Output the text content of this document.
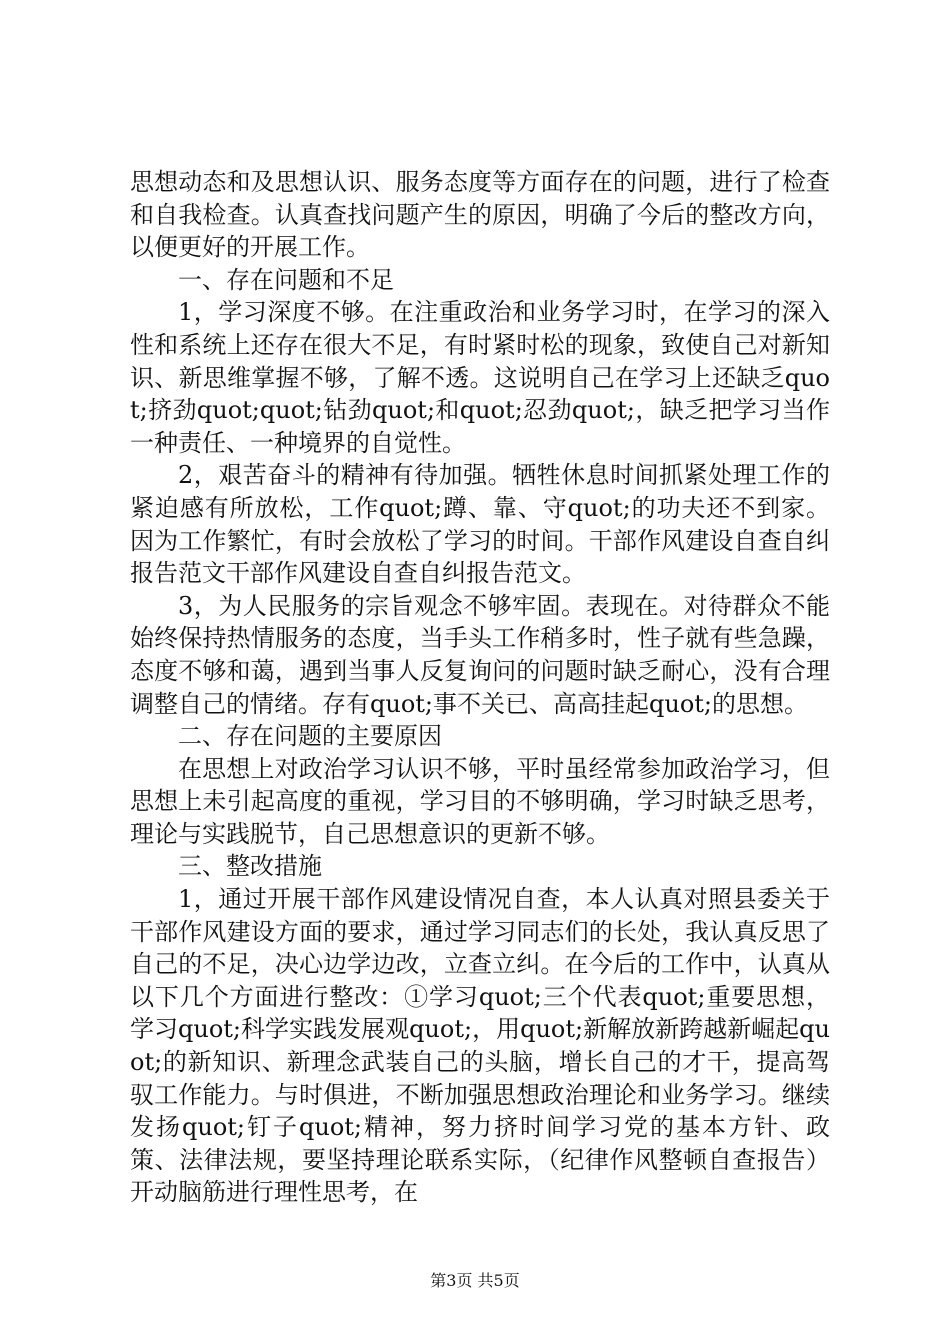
思想动态和及思想认识、服务态度等方面存在的问题，进行了检查和自我检查。认真查找问题产生的原因，明确了今后的整改方向，以便更好的开展工作。

一、存在问题和不足

1，学习深度不够。在注重政治和业务学习时，在学习的深入性和系统上还存在很大不足，有时紧时松的现象，致使自己对新知识、新思维掌握不够，了解不透。这说明自己在学习上还缺乏quot;挤劲quot;quot;钻劲quot;和quot;忍劲quot;，缺乏把学习当作一种责任、一种境界的自觉性。

2，艰苦奋斗的精神有待加强。牺牲休息时间抓紧处理工作的紧迫感有所放松，工作quot;蹲、靠、守quot;的功夫还不到家。因为工作繁忙，有时会放松了学习的时间。干部作风建设自查自纠报告范文干部作风建设自查自纠报告范文。

3，为人民服务的宗旨观念不够牢固。表现在。对待群众不能始终保持热情服务的态度，当手头工作稍多时，性子就有些急躁，态度不够和蔼，遇到当事人反复询问的问题时缺乏耐心，没有合理调整自己的情绪。存有quot;事不关已、高高挂起quot;的思想。

二、存在问题的主要原因

在思想上对政治学习认识不够，平时虽经常参加政治学习，但思想上未引起高度的重视，学习目的不够明确，学习时缺乏思考，理论与实践脱节，自己思想意识的更新不够。

三、整改措施

1，通过开展干部作风建设情况自查，本人认真对照县委关于干部作风建设方面的要求，通过学习同志们的长处，我认真反思了自己的不足，决心边学边改，立查立纠。在今后的工作中，认真从以下几个方面进行整改：①学习quot;三个代表quot;重要思想，学习quot;科学实践发展观quot;，用quot;新解放新跨越新崛起quot;的新知识、新理念武装自己的头脑，增长自己的才干，提高驾驭工作能力。与时俱进，不断加强思想政治理论和业务学习。继续发扬quot;钉子quot;精神，努力挤时间学习党的基本方针、政策、法律法规，要坚持理论联系实际，（纪律作风整顿自查报告）开动脑筋进行理性思考，在

第3页 共5页
